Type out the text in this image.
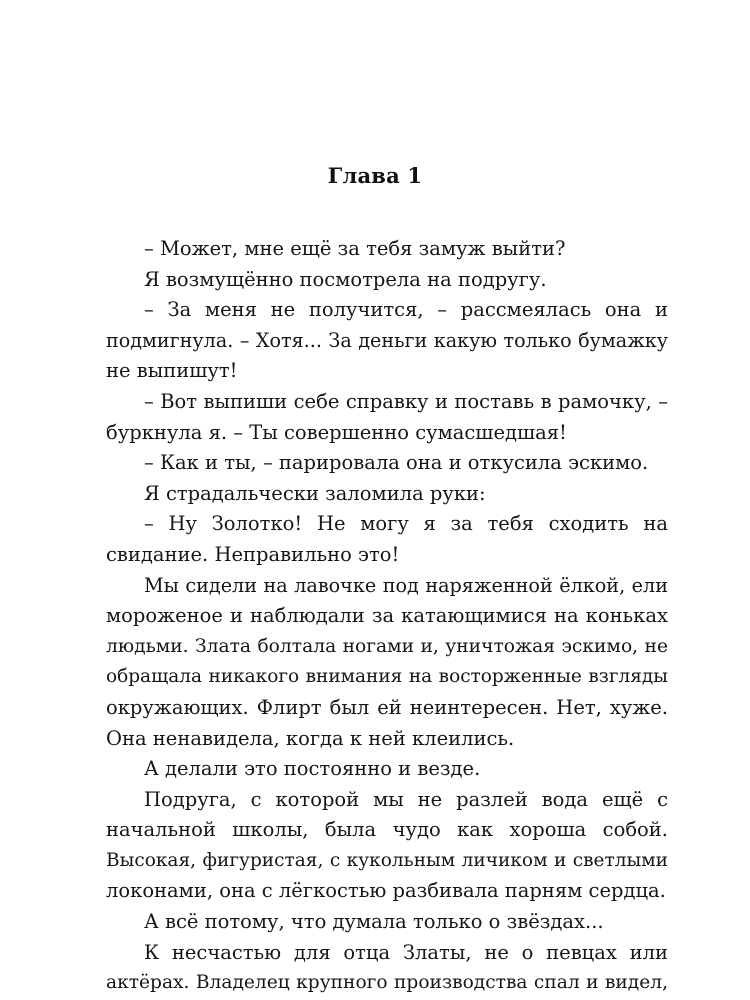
Глава 1
– Может, мне ещё за тебя замуж выйти?
Я возмущённо посмотрела на подругу.
– За меня не получится, – рассмеялась она и
подмигнула. – Хотя... За деньги какую только бумажку
не выпишут!
– Вот выпиши себе справку и поставь в рамочку, –
буркнула я. – Ты совершенно сумасшедшая!
– Как и ты, – парировала она и откусила эскимо.
Я страдальчески заломила руки:
– Ну Золотко! Не могу я за тебя сходить на
свидание. Неправильно это!
Мы сидели на лавочке под наряженной ёлкой, ели
мороженое и наблюдали за катающимися на коньках
людьми. Злата болтала ногами и, уничтожая эскимо, не
обращала никакого внимания на восторженные взгляды
окружающих. Флирт был ей неинтересен. Нет, хуже.
Она ненавидела, когда к ней клеились.
А делали это постоянно и везде.
Подруга, с которой мы не разлей вода ещё с
начальной школы, была чудо как хороша собой.
Высокая, фигуристая, с кукольным личиком и светлыми
локонами, она с лёгкостью разбивала парням сердца.
А всё потому, что думала только о звёздах...
К несчастью для отца Златы, не о певцах или
актёрах. Владелец крупного производства спал и видел,
